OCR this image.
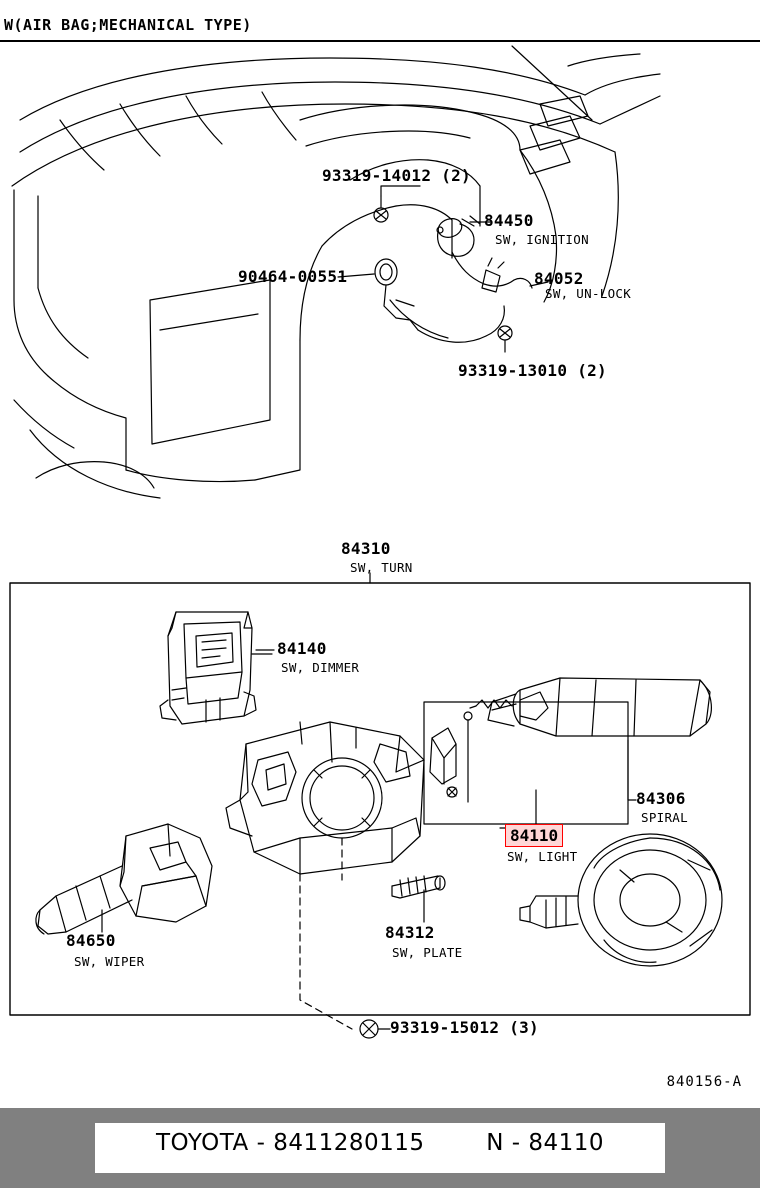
W(AIR BAG;MECHANICAL TYPE)
93319-14012 (2)
84450
SW, IGNITION
90464-00551	84052
SW, UN-LOCK
93319-13010 (2)
84310
SW, TURN
84140
SW, DIMMER
84306
SPIRAL
84110
SW, LIGHT
84650
SW, WIPER
84312
SW, PLATE
93319-15012 (3)
840156-A
TOYOTA - 8411280115	N - 84110
